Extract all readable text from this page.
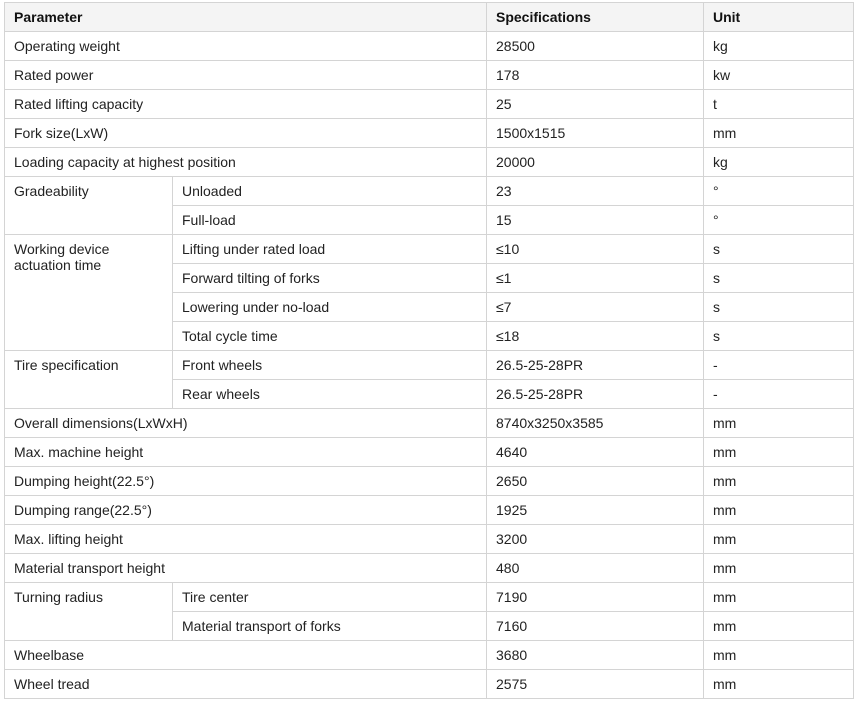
Parameter		Specifications	Unit
Operating weight		28500	kg
Rated power		178	kw
Rated lifting capacity		25	t
Fork size(LxW)		1500x1515	mm
Loading capacity at highest position		20000	kg
Gradeability	Unloaded	23	°
	Full-load	15	°
Working device actuation time	Lifting under rated load	≤10	s
	Forward tilting of forks	≤1	s
	Lowering under no-load	≤7	s
	Total cycle time	≤18	s
Tire specification	Front wheels	26.5-25-28PR	-
	Rear wheels	26.5-25-28PR	-
Overall dimensions(LxWxH)		8740x3250x3585	mm
Max. machine height		4640	mm
Dumping height(22.5°)		2650	mm
Dumping range(22.5°)		1925	mm
Max. lifting height		3200	mm
Material transport height		480	mm
Turning radius	Tire center	7190	mm
	Material transport of forks	7160	mm
Wheelbase		3680	mm
Wheel tread		2575	mm
